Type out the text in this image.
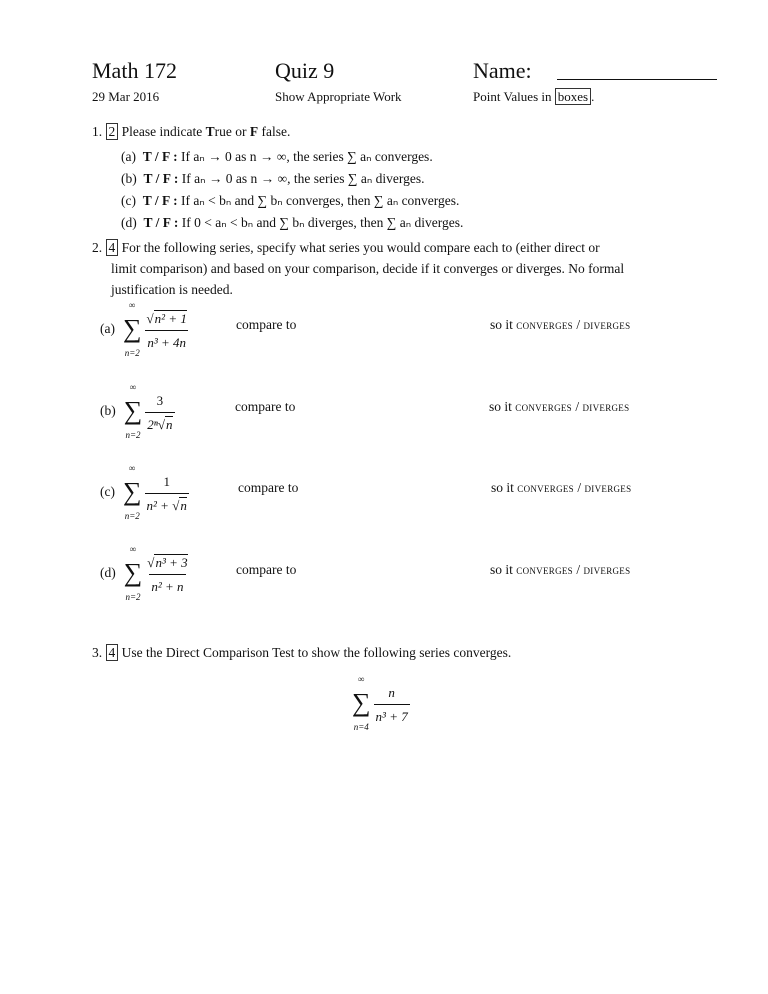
Math 172
29 Mar 2016
Quiz 9
Show Appropriate Work
Name:
Point Values in boxes .
1. 2 Please indicate True or F false.
(a) T / F : If aₙ → 0 as n → ∞, the series ∑ aₙ converges.
(b) T / F : If aₙ → 0 as n → ∞, the series ∑ aₙ diverges.
(c) T / F : If aₙ < bₙ and ∑ bₙ converges, then ∑ aₙ converges.
(d) T / F : If 0 < aₙ < bₙ and ∑ bₙ diverges, then ∑ aₙ diverges.
2. 4 For the following series, specify what series you would compare each to (either direct or
limit comparison) and based on your comparison, decide if it converges or diverges. No formal
justification is needed.
(a)
∞
∑
n=2
$\frac{\text{√n² + 1}}{\text{n³ + 4n}}$
(b)
∞
∑
n=2
$\frac{3}{\text{2ⁿ√n}}$
(c)
∞
∑
n=2
$\frac{1}{\text{n² + √n}}$
(d)
∞
∑
n=2
$\frac{\text{√n³ + 3}}{\text{n² + n}}$
compare to
compare to
compare to
compare to
so it converges / diverges
so it converges / diverges
so it converges / diverges
so it converges / diverges
3. 4 Use the Direct Comparison Test to show the following series converges.
∞
∑
n=4
$\frac{n}{\text{n³ + 7}}$
